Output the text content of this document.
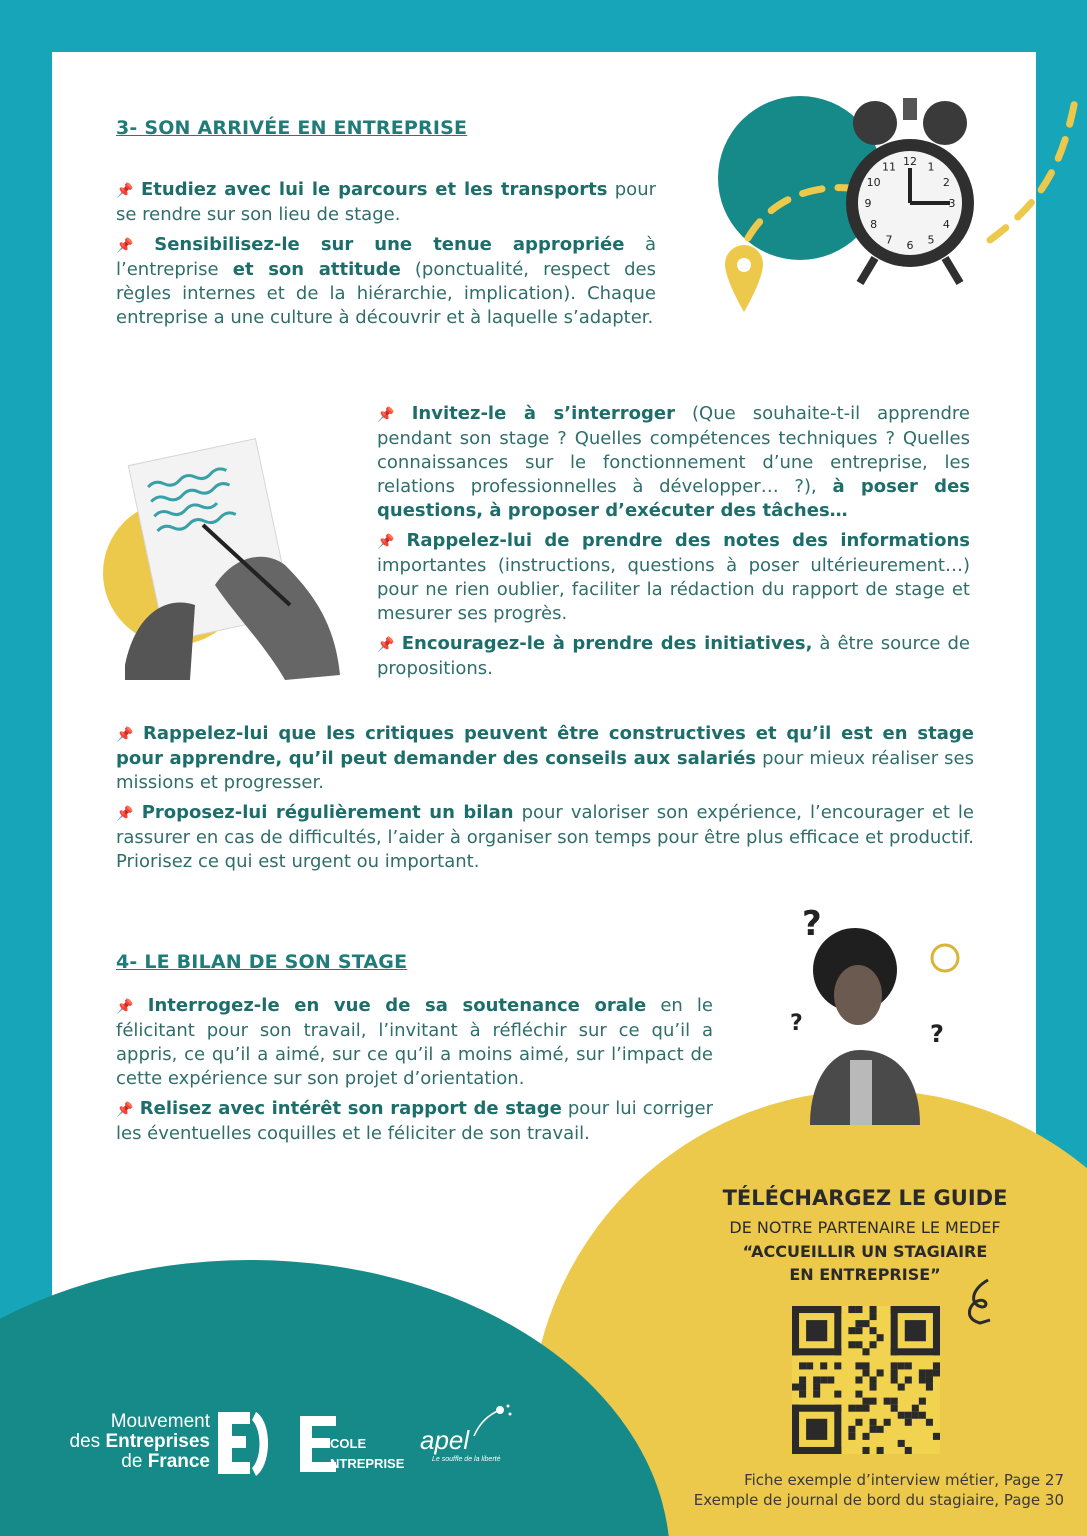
12 1
2
3
4
5
6
7
8
9
10
11
?
?	?
3- SON ARRIVÉE EN ENTREPRISE

📌 Etudiez avec lui le parcours et les transports pour se rendre sur son lieu de stage.

📌 Sensibilisez-le sur une tenue appropriée à l’entreprise et son attitude (ponctualité, respect des règles internes et de la hiérarchie, implication). Chaque entreprise a une culture à découvrir et à laquelle s’adapter.

📌 Invitez-le à s’interroger (Que souhaite-t-il apprendre pendant son stage ? Quelles compétences techniques ? Quelles connaissances sur le fonctionnement d’une entreprise, les relations professionnelles à développer… ?), à poser des questions, à proposer d’exécuter des tâches…

📌 Rappelez-lui de prendre des notes des informations importantes (instructions, questions à poser ultérieurement…) pour ne rien oublier, faciliter la rédaction du rapport de stage et mesurer ses progrès.

📌 Encouragez-le à prendre des initiatives, à être source de propositions.

📌 Rappelez-lui que les critiques peuvent être constructives et qu’il est en stage pour apprendre, qu’il peut demander des conseils aux salariés pour mieux réaliser ses missions et progresser.

📌 Proposez-lui régulièrement un bilan pour valoriser son expérience, l’encourager et le rassurer en cas de difficultés, l’aider à organiser son temps pour être plus efficace et productif. Priorisez ce qui est urgent ou important.

4- LE BILAN DE SON STAGE

📌 Interrogez-le en vue de sa soutenance orale en le félicitant pour son travail, l’invitant à réfléchir sur ce qu’il a appris, ce qu’il a aimé, sur ce qu’il a moins aimé, sur l’impact de cette expérience sur son projet d’orientation.

📌 Relisez avec intérêt son rapport de stage pour lui corriger les éventuelles coquilles et le féliciter de son travail.

TÉLÉCHARGEZ LE GUIDE
DE NOTRE PARTENAIRE LE MEDEF
“ACCUEILLIR UN STAGIAIRE
EN ENTREPRISE”
Fiche exemple d’interview métier, Page 27
Exemple de journal de bord du stagiaire, Page 30
Mouvement
des Entreprises
de France
COLE
NTREPRISE
apel
Le souffle de la liberté
